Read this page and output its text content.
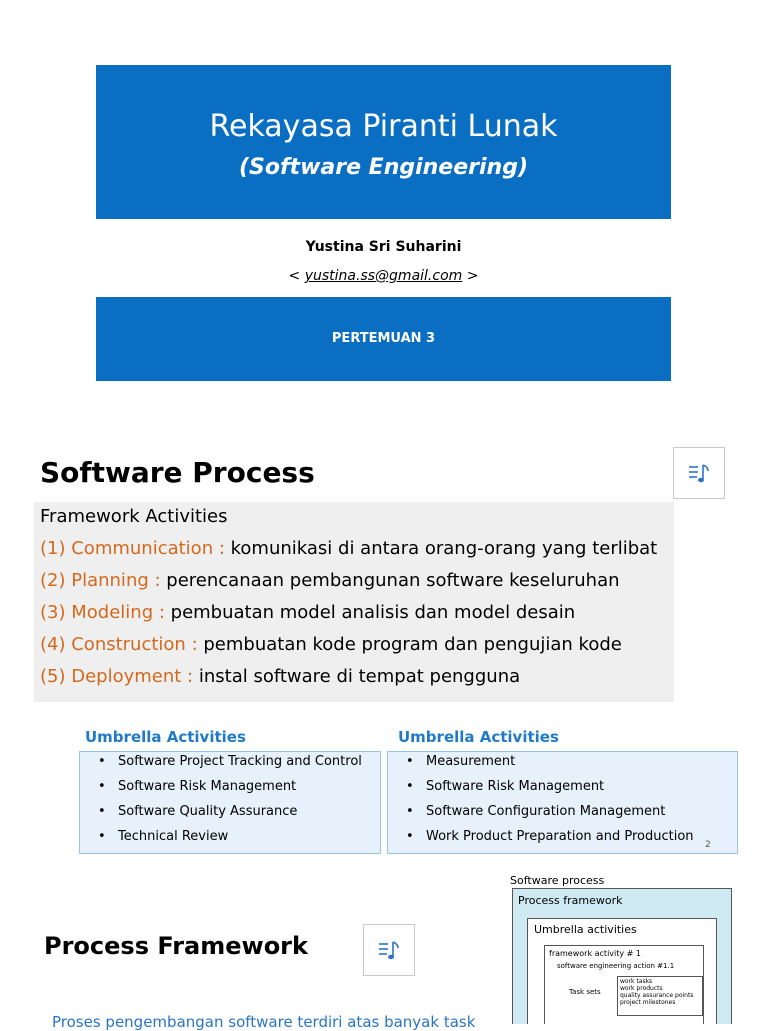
Rekayasa Piranti Lunak
(Software Engineering)
Yustina Sri Suharini
< yustina.ss@gmail.com >
PERTEMUAN 3
Software Process
Framework Activities
(1) Communication : komunikasi di antara orang-orang yang terlibat
(2) Planning : perencanaan pembangunan software keseluruhan
(3) Modeling : pembuatan model analisis dan model desain
(4) Construction : pembuatan kode program dan pengujian kode
(5) Deployment : instal software di tempat pengguna
Umbrella Activities
• Software Project Tracking and Control
• Software Risk Management
• Software Quality Assurance
• Technical Review
Umbrella Activities
• Measurement
• Software Risk Management
• Software Configuration Management
• Work Product Preparation and Production
2
Process Framework
Proses pengembangan software terdiri atas banyak task
Software process
Process framework
Umbrella activities
framework activity # 1
software engineering action #1.1
Task sets
work tasks
work products
quality assurance points
project milestones
